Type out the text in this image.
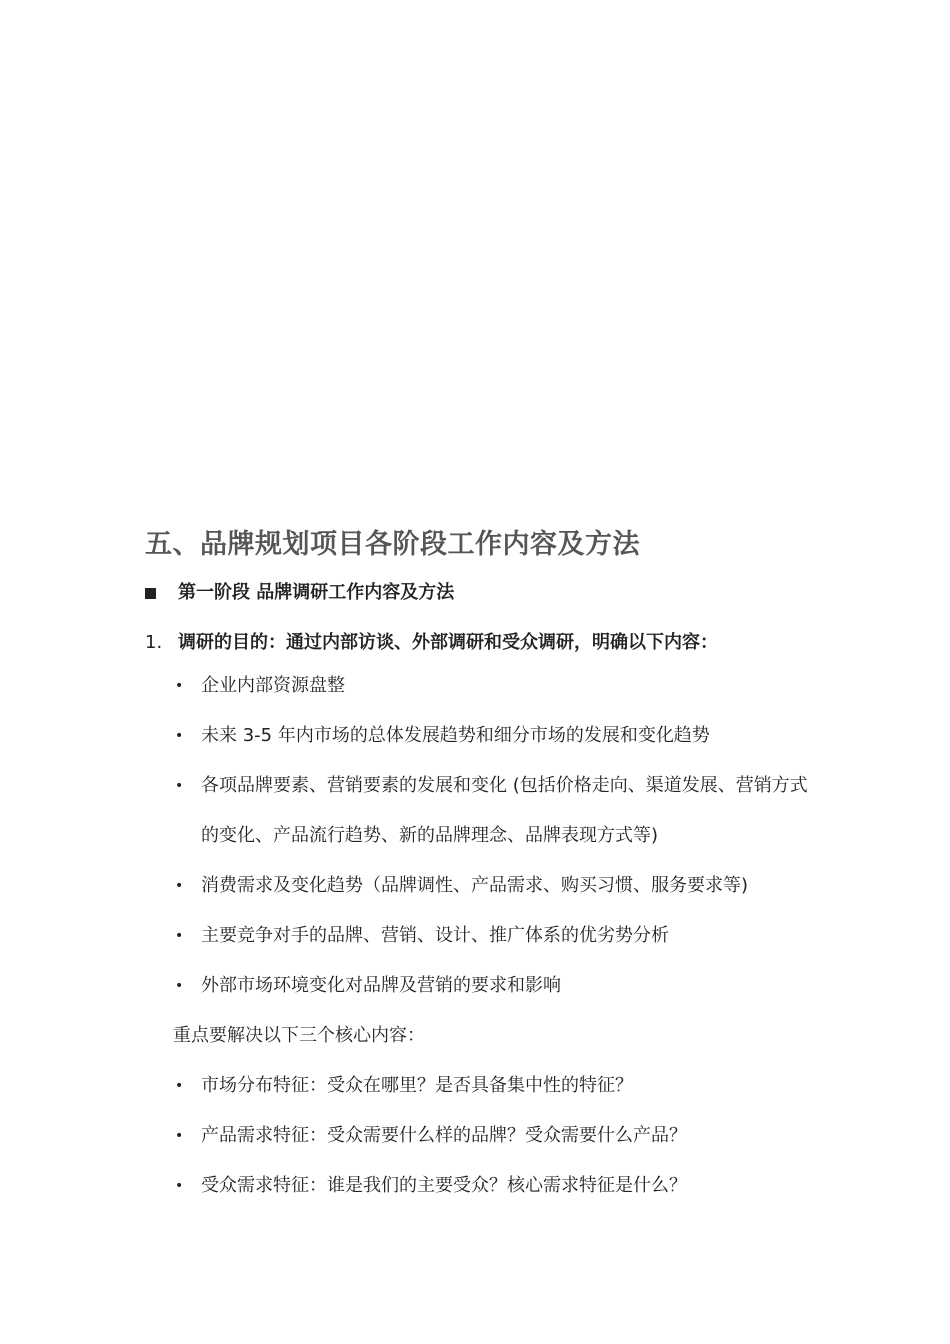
五、品牌规划项目各阶段工作内容及方法
第一阶段 品牌调研工作内容及方法
1. 调研的目的：通过内部访谈、外部调研和受众调研，明确以下内容：
• 企业内部资源盘整
• 未来 3-5 年内市场的总体发展趋势和细分市场的发展和变化趋势
• 各项品牌要素、营销要素的发展和变化 (包括价格走向、渠道发展、营销方式的变化、产品流行趋势、新的品牌理念、品牌表现方式等)
• 消费需求及变化趋势（品牌调性、产品需求、购买习惯、服务要求等)
• 主要竞争对手的品牌、营销、设计、推广体系的优劣势分析
• 外部市场环境变化对品牌及营销的要求和影响
重点要解决以下三个核心内容：
• 市场分布特征：受众在哪里？是否具备集中性的特征？
• 产品需求特征：受众需要什么样的品牌？受众需要什么产品？
• 受众需求特征：谁是我们的主要受众？核心需求特征是什么？
